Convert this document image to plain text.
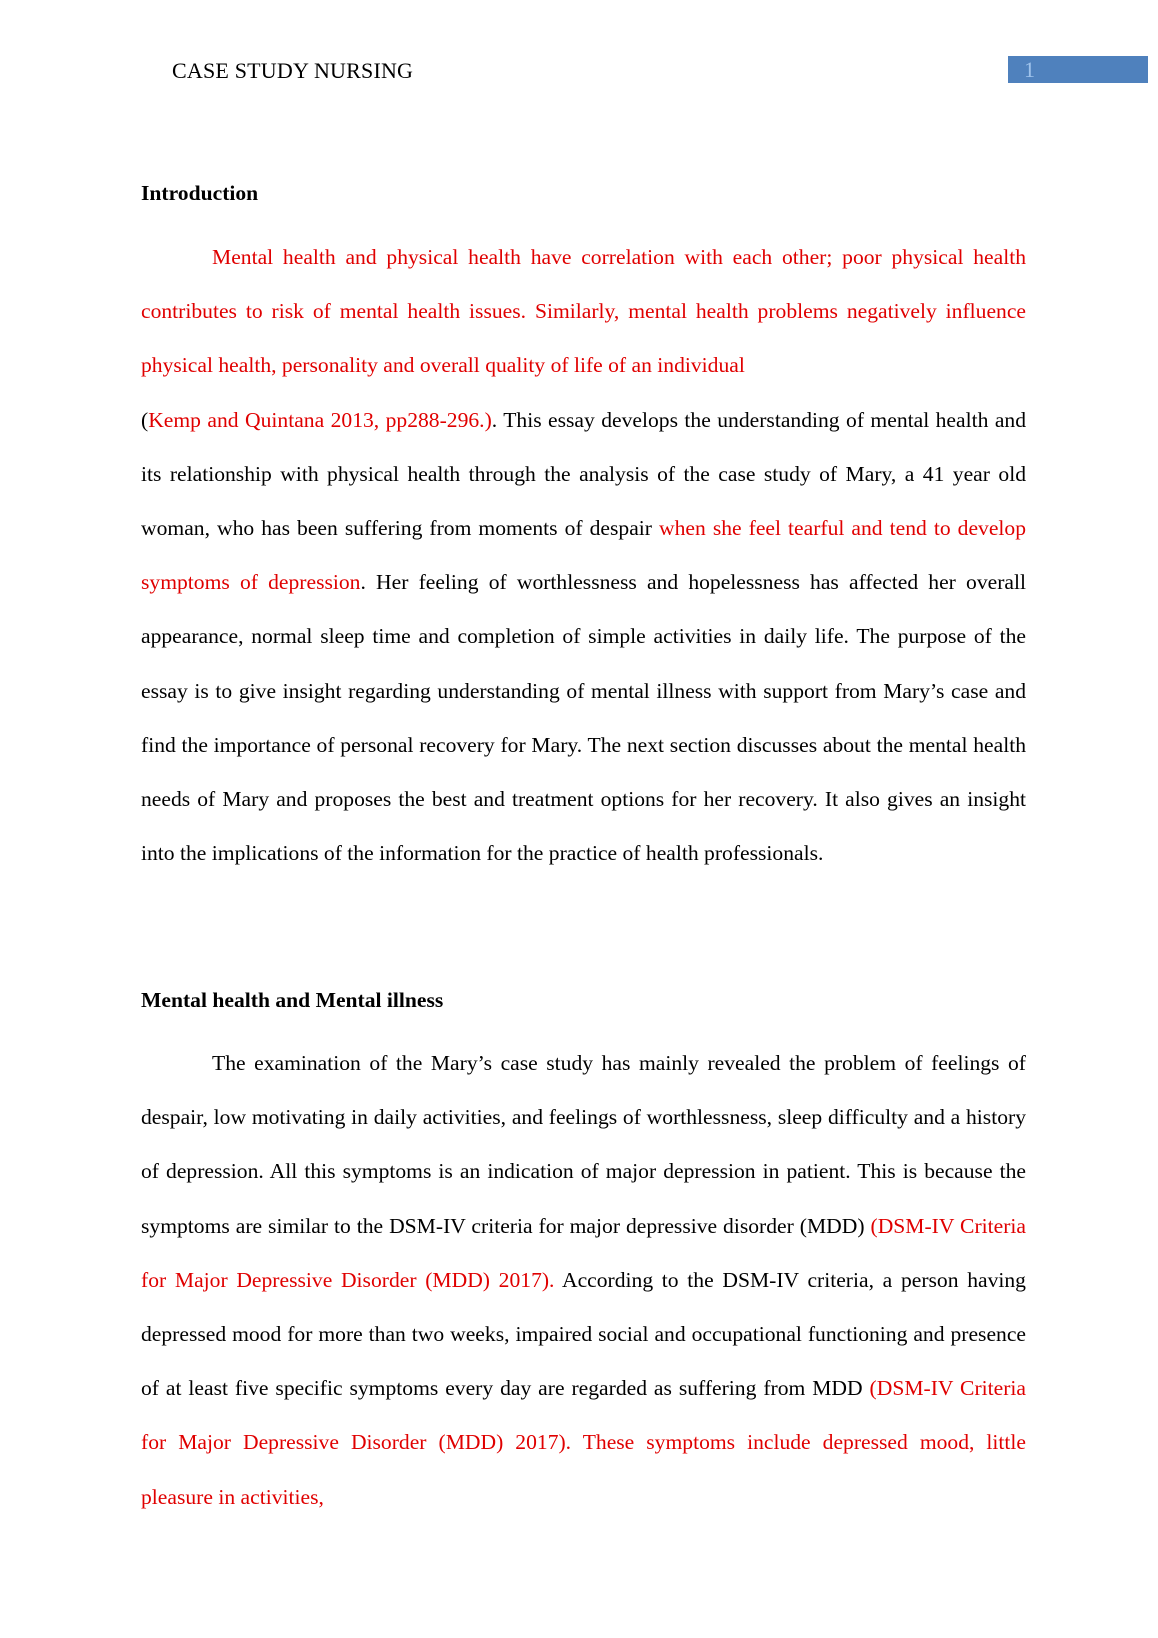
CASE STUDY NURSING	1
Introduction

Mental health and physical health have correlation with each other; poor physical health contributes to risk of mental health issues. Similarly, mental health problems negatively influence physical health, personality and overall quality of life of an individual
(Kemp and Quintana 2013, pp288-296.). This essay develops the understanding of mental health and its relationship with physical health through the analysis of the case study of Mary, a 41 year old woman, who has been suffering from moments of despair when she feel tearful and tend to develop symptoms of depression. Her feeling of worthlessness and hopelessness has affected her overall appearance, normal sleep time and completion of simple activities in daily life. The purpose of the essay is to give insight regarding understanding of mental illness with support from Mary’s case and find the importance of personal recovery for Mary. The next section discusses about the mental health needs of Mary and proposes the best and treatment options for her recovery. It also gives an insight into the implications of the information for the practice of health professionals.

Mental health and Mental illness

The examination of the Mary’s case study has mainly revealed the problem of feelings of despair, low motivating in daily activities, and feelings of worthlessness, sleep difficulty and a history of depression. All this symptoms is an indication of major depression in patient. This is because the symptoms are similar to the DSM-IV criteria for major depressive disorder (MDD) (DSM-IV Criteria for Major Depressive Disorder (MDD) 2017). According to the DSM-IV criteria, a person having depressed mood for more than two weeks, impaired social and occupational functioning and presence of at least five specific symptoms every day are regarded as suffering from MDD (DSM-IV Criteria for Major Depressive Disorder (MDD) 2017). These symptoms include depressed mood, little pleasure in activities,
